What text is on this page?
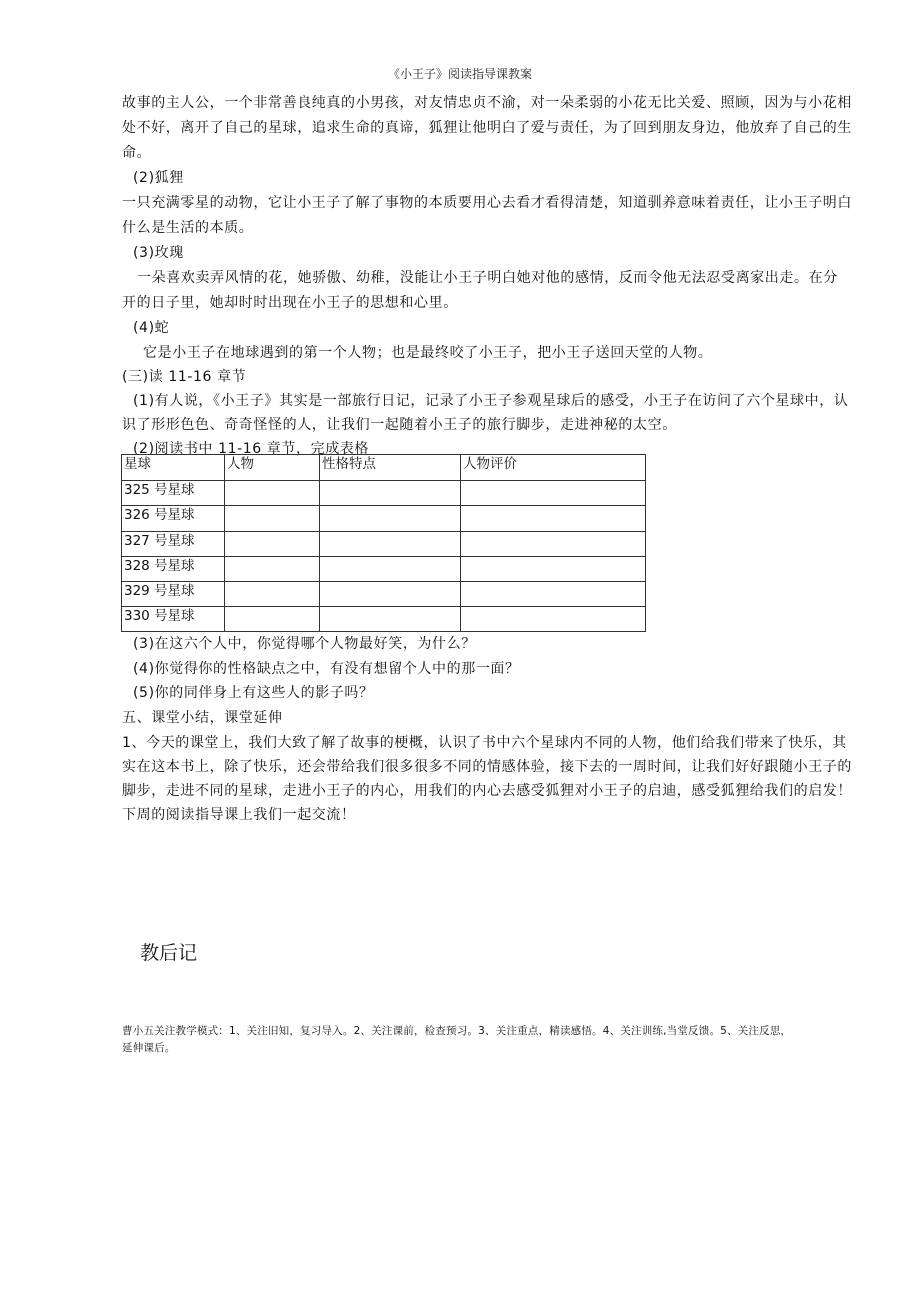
《小王子》阅读指导课教案
故事的主人公，一个非常善良纯真的小男孩，对友情忠贞不渝，对一朵柔弱的小花无比关爱、照顾，因为与小花相
处不好，离开了自己的星球，追求生命的真谛，狐狸让他明白了爱与责任，为了回到朋友身边，他放弃了自己的生
命。
(2)狐狸
一只充满零星的动物，它让小王子了解了事物的本质要用心去看才看得清楚，知道驯养意味着责任，让小王子明白
什么是生活的本质。
(3)玫瑰
一朵喜欢卖弄风情的花，她骄傲、幼稚，没能让小王子明白她对他的感情，反而令他无法忍受离家出走。在分
开的日子里，她却时时出现在小王子的思想和心里。
(4)蛇
它是小王子在地球遇到的第一个人物；也是最终咬了小王子，把小王子送回天堂的人物。
(三)读 11-16 章节
(1)有人说，《小王子》其实是一部旅行日记，记录了小王子参观星球后的感受，小王子在访问了六个星球中，认
识了形形色色、奇奇怪怪的人，让我们一起随着小王子的旅行脚步，走进神秘的太空。
(2)阅读书中 11-16 章节，完成表格
星球	人物	性格特点	人物评价
325 号星球			
326 号星球			
327 号星球			
328 号星球			
329 号星球			
330 号星球			
(3)在这六个人中，你觉得哪个人物最好笑，为什么？
(4)你觉得你的性格缺点之中，有没有想留个人中的那一面？
(5)你的同伴身上有这些人的影子吗？
五、课堂小结，课堂延伸
1、今天的课堂上，我们大致了解了故事的梗概，认识了书中六个星球内不同的人物，他们给我们带来了快乐，其
实在这本书上，除了快乐，还会带给我们很多很多不同的情感体验，接下去的一周时间，让我们好好跟随小王子的
脚步，走进不同的星球，走进小王子的内心，用我们的内心去感受狐狸对小王子的启迪，感受狐狸给我们的启发！
下周的阅读指导课上我们一起交流！
教后记
曹小五关注教学模式：1、关注旧知，复习导入。2、关注课前，检查预习。3、关注重点，精读感悟。4、关注训练,当堂反馈。5、关注反思，
延伸课后。
